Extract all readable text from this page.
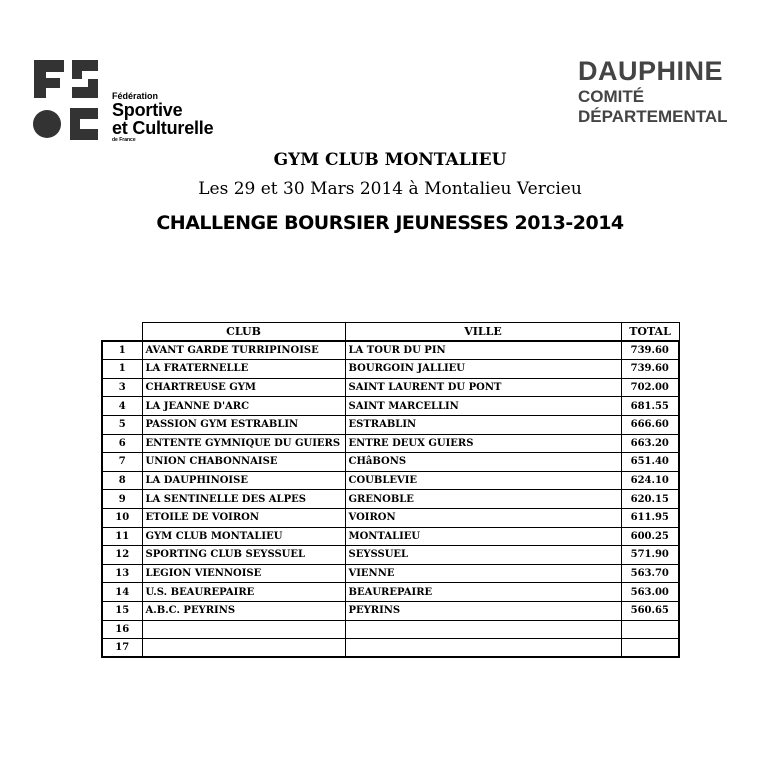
Fédération
Sportive
et Culturelle
de France
DAUPHINE
COMITÉ
DÉPARTEMENTAL
GYM CLUB MONTALIEU
Les 29 et 30 Mars 2014 à Montalieu Vercieu
CHALLENGE BOURSIER JEUNESSES 2013-2014
	CLUB	VILLE	TOTAL
1	AVANT GARDE TURRIPINOISE	LA TOUR DU PIN	739.60
1	LA FRATERNELLE	BOURGOIN JALLIEU	739.60
3	CHARTREUSE GYM	SAINT LAURENT DU PONT	702.00
4	LA JEANNE D'ARC	SAINT MARCELLIN	681.55
5	PASSION GYM ESTRABLIN	ESTRABLIN	666.60
6	ENTENTE GYMNIQUE DU GUIERS	ENTRE DEUX GUIERS	663.20
7	UNION CHABONNAISE	CHâBONS	651.40
8	LA DAUPHINOISE	COUBLEVIE	624.10
9	LA SENTINELLE DES ALPES	GRENOBLE	620.15
10	ETOILE DE VOIRON	VOIRON	611.95
11	GYM CLUB MONTALIEU	MONTALIEU	600.25
12	SPORTING CLUB SEYSSUEL	SEYSSUEL	571.90
13	LEGION VIENNOISE	VIENNE	563.70
14	U.S. BEAUREPAIRE	BEAUREPAIRE	563.00
15	A.B.C. PEYRINS	PEYRINS	560.65
16			
17			
